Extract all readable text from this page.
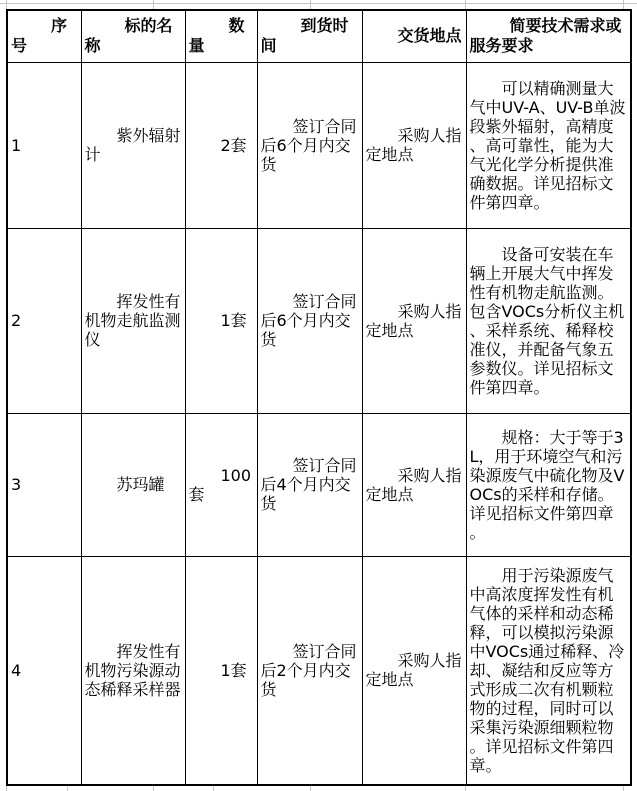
序号	标的名称	数量	到货时间	交货地点	简要技术需求或服务要求
1	紫外辐射计	2套	签订合同后6个月内交货	采购人指定地点	可以精确测量大气中UV-A、UV-B单波段紫外辐射，高精度、高可靠性，能为大气光化学分析提供准确数据。详见招标文件第四章。
2	挥发性有机物走航监测仪	1套	签订合同后6个月内交货	采购人指定地点	设备可安装在车辆上开展大气中挥发性有机物走航监测。包含VOCs分析仪主机、采样系统、稀释校准仪，并配备气象五参数仪。详见招标文件第四章。
3	苏玛罐	100套	签订合同后4个月内交货	采购人指定地点	规格：大于等于3L，用于环境空气和污染源废气中硫化物及VOCs的采样和存储。详见招标文件第四章。
4	挥发性有机物污染源动态稀释采样器	1套	签订合同后2个月内交货	采购人指定地点	用于污染源废气中高浓度挥发性有机气体的采样和动态稀释，可以模拟污染源中VOCs通过稀释、冷却、凝结和反应等方式形成二次有机颗粒物的过程，同时可以采集污染源细颗粒物。详见招标文件第四章。
